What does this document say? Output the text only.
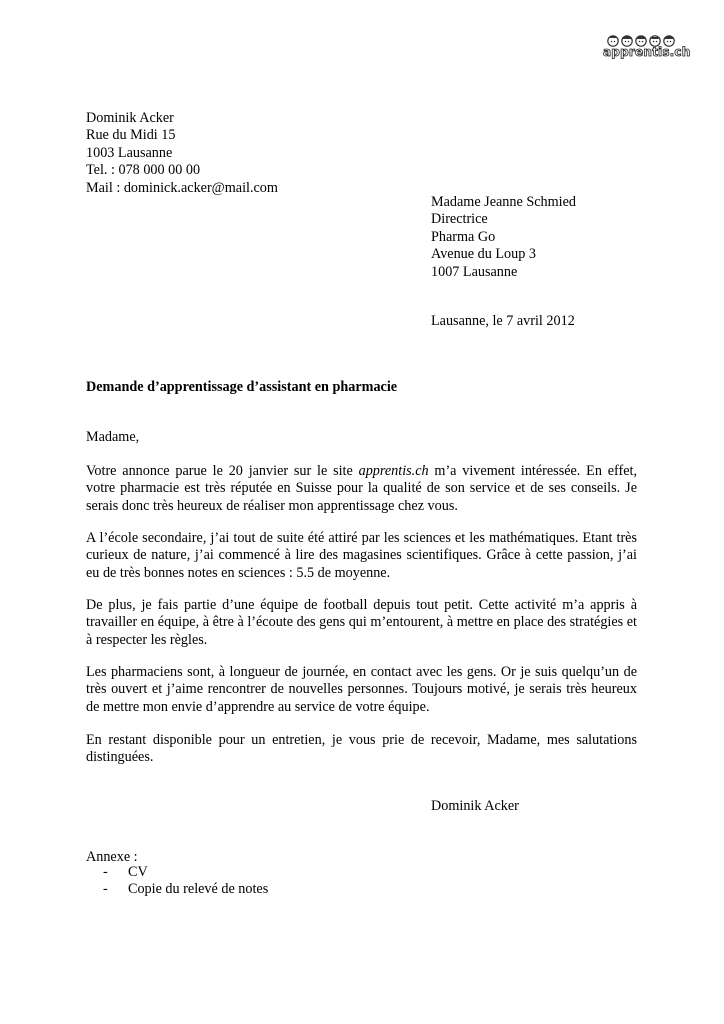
apprentis.ch
Dominik Acker
Rue du Midi 15
1003 Lausanne
Tel. : 078 000 00 00
Mail : dominick.acker@mail.com
Madame Jeanne Schmied
Directrice
Pharma Go
Avenue du Loup 3
1007 Lausanne
Lausanne, le 7 avril 2012
Demande d’apprentissage d’assistant en pharmacie
Madame,
Votre annonce parue le 20 janvier sur le site apprentis.ch m’a vivement intéressée. En effet, votre pharmacie est très réputée en Suisse pour la qualité de son service et de ses conseils. Je serais donc très heureux de réaliser mon apprentissage chez vous.
A l’école secondaire, j’ai tout de suite été attiré par les sciences et les mathématiques. Etant très curieux de nature, j’ai commencé à lire des magasines scientifiques. Grâce à cette passion, j’ai eu de très bonnes notes en sciences : 5.5 de moyenne.
De plus, je fais partie d’une équipe de football depuis tout petit. Cette activité m’a appris à travailler en équipe, à être à l’écoute des gens qui m’entourent, à mettre en place des stratégies et à respecter les règles.
Les pharmaciens sont, à longueur de journée, en contact avec les gens. Or je suis quelqu’un de très ouvert et j’aime rencontrer de nouvelles personnes. Toujours motivé, je serais très heureux de mettre mon envie d’apprendre au service de votre équipe.
En restant disponible pour un entretien, je vous prie de recevoir, Madame, mes salutations distinguées.
Dominik Acker
Annexe :
- CV
- Copie du relevé de notes
